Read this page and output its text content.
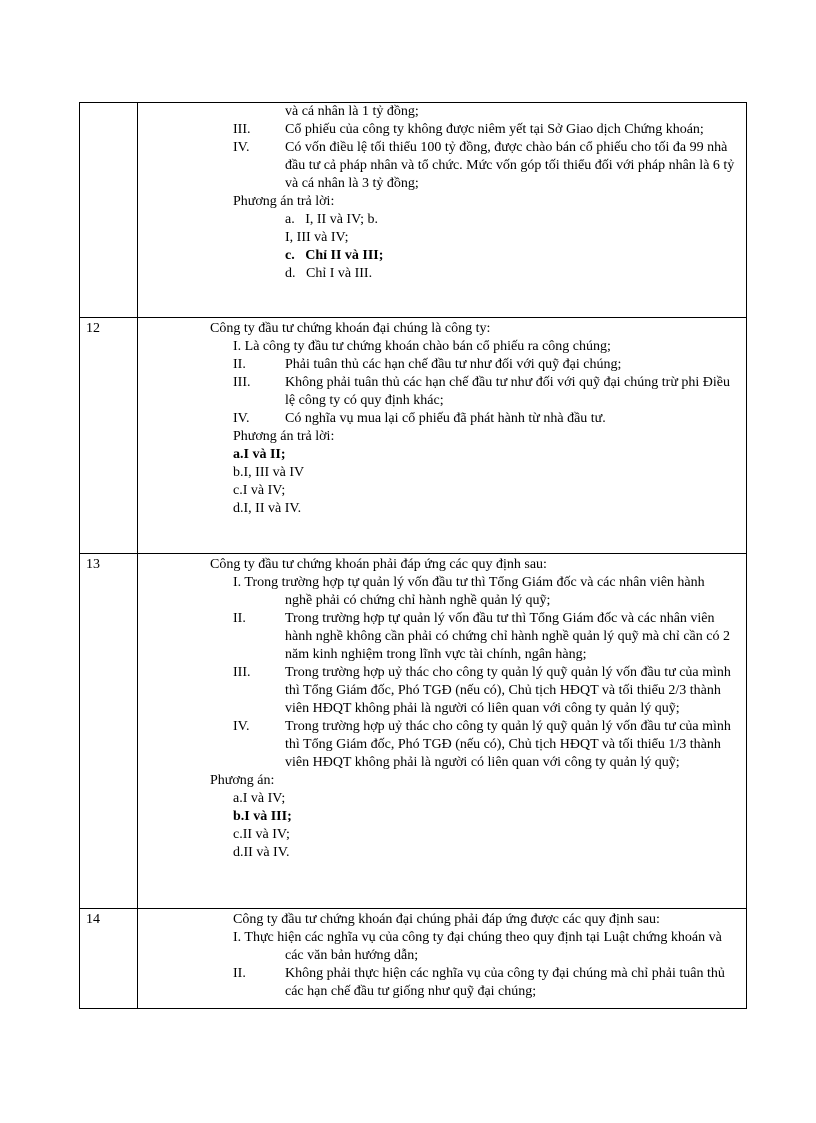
và cá nhân là 1 tỷ đồng;
III. Cổ phiếu của công ty không được niêm yết tại Sở Giao dịch Chứng khoán;
IV.	Có vốn điều lệ tối thiểu 100 tỷ đồng, được chào bán cổ phiếu cho tối đa 99 nhà
đầu tư cả pháp nhân và tổ chức. Mức vốn góp tối thiểu đối với pháp nhân là 6 tỷ
và cá nhân là 3 tỷ đồng;
Phương án trả lời:
a.   I, II và IV; b.
I, III và IV;
c.   Chỉ II và III;
d.   Chỉ I và III.
12	Công ty đầu tư chứng khoán đại chúng là công ty:
I. Là công ty đầu tư chứng khoán chào bán cổ phiếu ra công chúng;
II.	Phải tuân thủ các hạn chế đầu tư như đối với quỹ đại chúng;
III. Không phải tuân thủ các hạn chế đầu tư như đối với quỹ đại chúng trừ phi Điều
lệ công ty có quy định khác;
IV.	Có nghĩa vụ mua lại cổ phiếu đã phát hành từ nhà đầu tư.
Phương án trả lời:
a.I và II;
b.I, III và IV
c.I và IV;
d.I, II và IV.
13	Công ty đầu tư chứng khoán phải đáp ứng các quy định sau:
I. Trong trường hợp tự quản lý vốn đầu tư thì Tổng Giám đốc và các nhân viên hành
nghề phải có chứng chỉ hành nghề quản lý quỹ;
II.	Trong trường hợp tự quản lý vốn đầu tư thì Tổng Giám đốc và các nhân viên
hành nghề không cần phải có chứng chỉ hành nghề quản lý quỹ mà chỉ cần có 2
năm kinh nghiệm trong lĩnh vực tài chính, ngân hàng;
III. Trong trường hợp uỷ thác cho công ty quản lý quỹ quản lý vốn đầu tư của mình
thì Tổng Giám đốc, Phó TGĐ (nếu có), Chủ tịch HĐQT và tối thiểu 2/3 thành
viên HĐQT không phải là người có liên quan với công ty quản lý quỹ;
IV.	Trong trường hợp uỷ thác cho công ty quản lý quỹ quản lý vốn đầu tư của mình
thì Tổng Giám đốc, Phó TGĐ (nếu có), Chủ tịch HĐQT và tối thiểu 1/3 thành
viên HĐQT không phải là người có liên quan với công ty quản lý quỹ;
Phương án:
a.I và IV;
b.I và III;
c.II và IV;
d.II và IV.
14	Công ty đầu tư chứng khoán đại chúng phải đáp ứng được các quy định sau:
I. Thực hiện các nghĩa vụ của công ty đại chúng theo quy định tại Luật chứng khoán và
các văn bản hướng dẫn;
II.	Không phải thực hiện các nghĩa vụ của công ty đại chúng mà chỉ phải tuân thủ
các hạn chế đầu tư giống như quỹ đại chúng;
